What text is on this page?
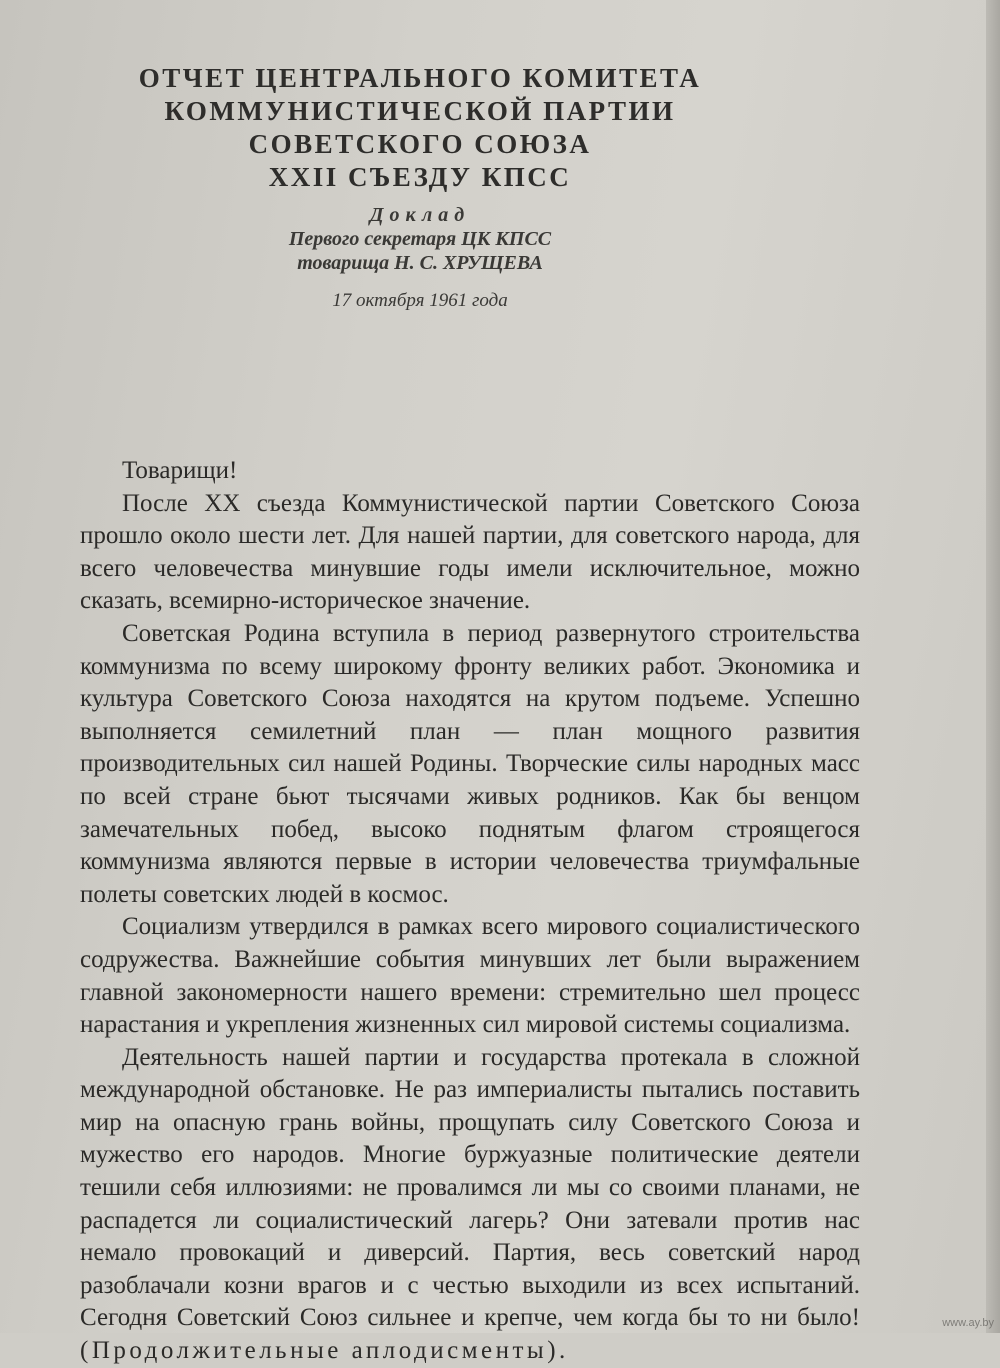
ОТЧЕТ ЦЕНТРАЛЬНОГО КОМИТЕТА
КОММУНИСТИЧЕСКОЙ ПАРТИИ
СОВЕТСКОГО СОЮЗА
XXII СЪЕЗДУ КПСС
Доклад
Первого секретаря ЦК КПСС
товарища Н. С. ХРУЩЕВА
17 октября 1961 года

Товарищи!

После XX съезда Коммунистической партии Советского Союза прошло около шести лет. Для нашей партии, для советского народа, для всего человечества минувшие годы имели исключительное, можно сказать, всемирно-историческое значение.

Советская Родина вступила в период развернутого строительства коммунизма по всему широкому фронту великих работ. Экономика и культура Советского Союза находятся на крутом подъеме. Успешно выполняется семилетний план — план мощного развития производительных сил нашей Родины. Творческие силы народных масс по всей стране бьют тысячами живых родников. Как бы венцом замечательных побед, высоко поднятым флагом строящегося коммунизма являются первые в истории человечества триумфальные полеты советских людей в космос.

Социализм утвердился в рамках всего мирового социалистического содружества. Важнейшие события минувших лет были выражением главной закономерности нашего времени: стремительно шел процесс нарастания и укрепления жизненных сил мировой системы социализма.

Деятельность нашей партии и государства протекала в сложной международной обстановке. Не раз империалисты пытались поставить мир на опасную грань войны, прощупать силу Советского Союза и мужество его народов. Многие буржуазные политические деятели тешили себя иллюзиями: не провалимся ли мы со своими планами, не распадется ли социалистический лагерь? Они затевали против нас немало провокаций и диверсий. Партия, весь советский народ разоблачали козни врагов и с честью выходили из всех испытаний. Сегодня Советский Союз сильнее и крепче, чем когда бы то ни было! (Продолжительные аплодисменты).

www.ay.by
